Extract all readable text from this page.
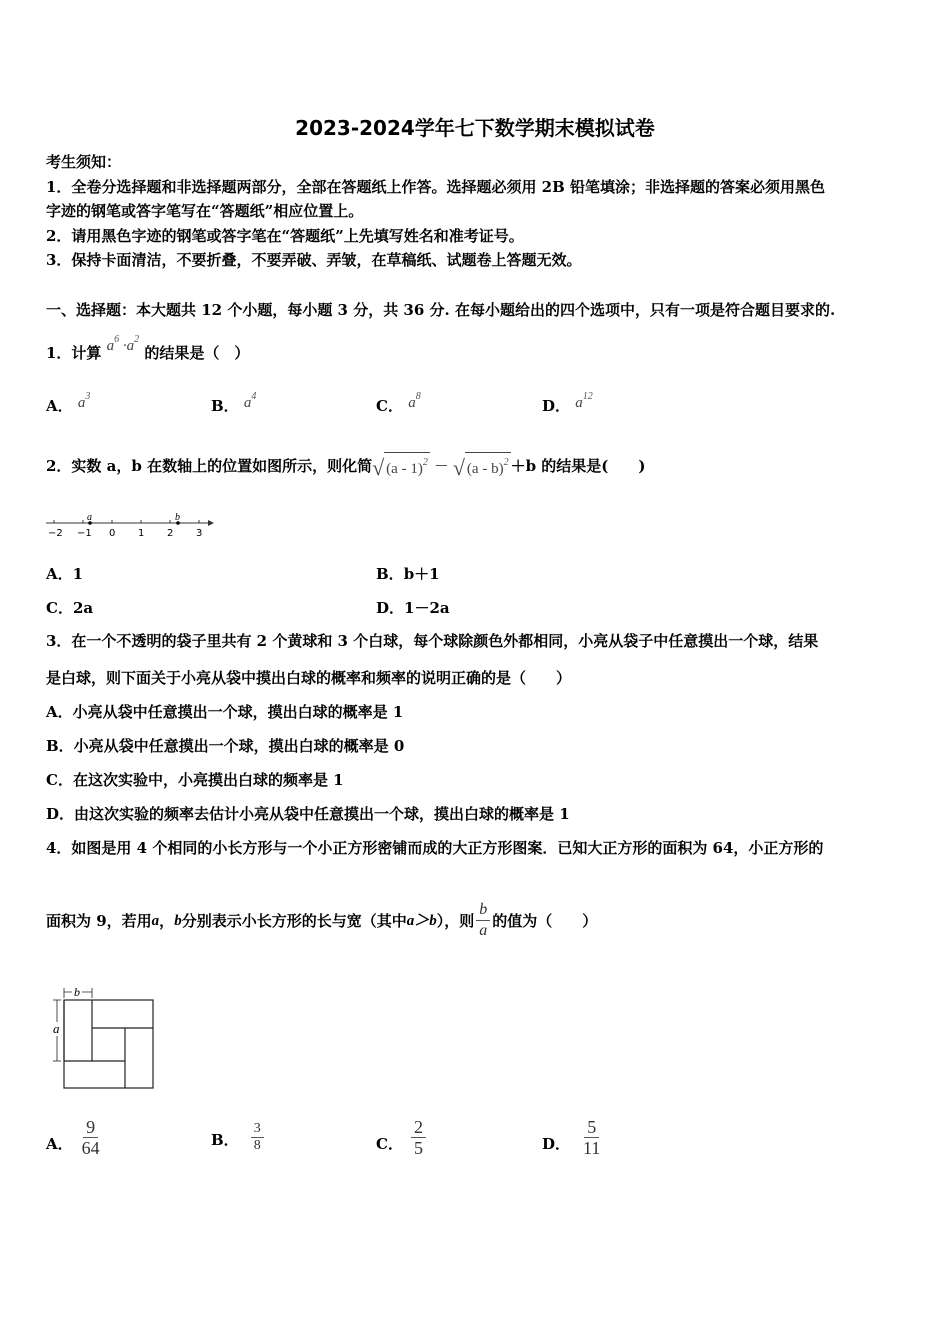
2023-2024学年七下数学期末模拟试卷
考生须知：
1．全卷分选择题和非选择题两部分，全部在答题纸上作答。选择题必须用 2B 铅笔填涂；非选择题的答案必须用黑色
字迹的钢笔或答字笔写在“答题纸”相应位置上。
2．请用黑色字迹的钢笔或答字笔在“答题纸”上先填写姓名和准考证号。
3．保持卡面清洁，不要折叠，不要弄破、弄皱，在草稿纸、试题卷上答题无效。
一、选择题：本大题共 12 个小题，每小题 3 分，共 36 分. 在每小题给出的四个选项中，只有一项是符合题目要求的.
1．计算 $a^6 \cdot a^2$ 的结果是（　）
A． $a^3$
B． $a^4$
C． $a^8$
D． $a^{12}$
2．实数 a，b 在数轴上的位置如图所示，则化简 √ (a - 1)$^2$ － √ (a - b)$^2$ ＋b 的结果是(　　)
a	b
−2 −1 0 1 2 3
A．1	B．b＋1
C．2a	D．1－2a
3．在一个不透明的袋子里共有 2 个黄球和 3 个白球，每个球除颜色外都相同，小亮从袋子中任意摸出一个球，结果
是白球，则下面关于小亮从袋中摸出白球的概率和频率的说明正确的是（　　）
A．小亮从袋中任意摸出一个球，摸出白球的概率是 1
B．小亮从袋中任意摸出一个球，摸出白球的概率是 0
C．在这次实验中，小亮摸出白球的频率是 1
D．由这次实验的频率去估计小亮从袋中任意摸出一个球，摸出白球的概率是 1
4．如图是用 4 个相同的小长方形与一个小正方形密铺而成的大正方形图案．已知大正方形的面积为 64，小正方形的
面积为 9，若用 a ， b 分别表示小长方形的长与宽（其中 a＞b ），则 $\frac{b}{a}$ 的值为（　　）
b
a
A． $\frac{9}{64}$	B． $\frac{3}{8}$	C． $\frac{2}{5}$	D． $\frac{5}{11}$
